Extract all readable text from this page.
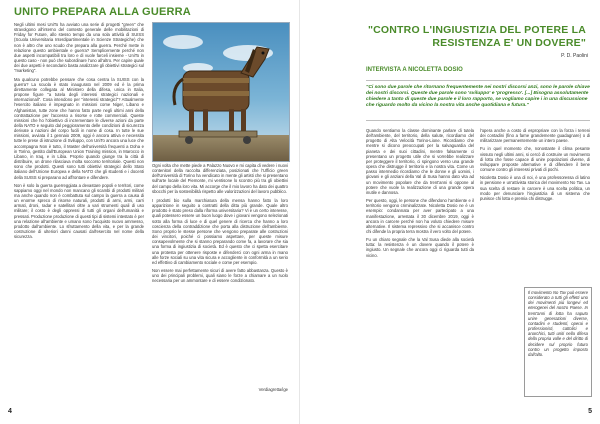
UNITO PREPARA ALLA GUERRA

Negli ultimi mesi UniTo ha avviato una serie di progetti "green" che stravolgono all'interno del contesto generale delle mobilitazioni di Friday for Future, allo stesso tempo da una sola attività di SUISS (Scuola Universitaria Interdipartimentale in Scienze Strategiche) che non è altro che uno scudo che prepara alla guerra. Perché mette in relazione questo ambientale e guerra? Semplicemente perché non due aspetti incompatibili tra loro e di vuole farceli insieme - UniTo in questo caso - non può che subordinare l'uno all'altro. Per capire quale dei due aspetti è secondario basta analizzare gli obiettivi strategici sul "marketing".

Ma qualcuno potrebbe pensare che cosa centra la SUISS con la guerra? La scuola è stato inaugurato nel 2009 ed è la prima direttamente collegata al Ministero della difesa, unica in Italia, propone figure "a tutela degli interessi strategici nazionali e internazionali". Cosa intendono per "interessi strategici"? Attualmente l'esercito italiano è impegnato in missioni come Niger, Libano e Afghanistan, tutte zone che hanno fatto parte negli ultimi anni della contrattazione per l'accesso a risorse e rotte commerciali. Queste missioni che ho l'obiettivo di incrementare le diverse azioni da parte della NATO e seguito dal peggioramento delle condizioni di sicurezza derivate a nazioni del corpo fucili in nome di cosa. In tutte le sue missioni, avviata il 1 gennaio 2009, oggi è ancora attiva e necessita tutte le prese di istruzione di Sviluppo, con UniTo ancora una luce che accompagna Non è tutto, il Master dell'università frequenti a Doha e in Torino, gestito dall'European Union Training mission, in Marocco in Libano, in Iraq, e in Libia. Proprio quando giunge tra la città di distribuire, un drone rilasciava molta soccorso territoriale. Questi non sono che prodotti. Questi sono tutti obiettivi strategici dello Stato italiano dell'Unione Europea e della NATO che gli studenti e i docenti della SUISS si preparano ad affrontare e difendere.

Non è solo la guerra guerreggiata a devastare popoli e territori, come sappiamo oggi nel mondo non mancano gli scambi di prodotti militari ma anche quando non è combattuta sul campo la guerra a causa di un enorme spreco di risorse naturali, prodotti di armi, armi, carri armati, droni, radar e satellitari oltre a vari strumenti quali di uso militare; il costo è degli oppressi di tutti gli organi dell'umanità e pressati. Produzione produzione di questi tipi di sistemi intestato è per una relazione all'ambiente e umano sono l'acquisto nuovo ammesso, prodotto dall'ambiente. Lo sfruttamento della vita, e per la grande costruzione di ulteriori danni causati dall'esercito nel nome della sicurezza.

Ogni volta che mette piede a Palazzo Nuovo e mi capita di vedere i nuovi contenitori della raccolta differenziata, posizionati che l'Ufficio green dell'Università di Torino ha vendicato in mente gli artisti che si presentano sull'arte locale del Piemonte, mi ventisone lo scontro più tra gli obiettivi del campo della loro vita. Mi accorge che il mio lavoro ha dato dei quattro sbocchi per la sostenibilità rispetto alle valorizzazioni del lavoro pubblico.

I prodotti bio sulla marchiatura della mensa hanno fatto la loro apparizione in seguito a contratti della ditta più grande. Quale altro prodotto è stato preso dalla riforma universitaria? Vi è un certo interesse, quali potessero essere un buon luogo dove i giovani vengono selezionati sotto alla forma di luce e di quel genere di ricerca che hanno a loro coscienza della contraddizione che porta alla distruzione dell'ambiente. Sono proprio le stesse persone che vengono preparate alle costruzioni dei vincitori, poiché ci possiamo aspettare, per queste misure consapevolmente che si stanno preparando come fa, a lavorare che sia una forma di ingiustizia di società. Ed è questo che ci spetta esercitare una protesta per ottenere risposte e difenderci con ogni arma in mano alle forze sociali su una vita sicura e accogliente in conformità a un serio ed effettivo di cambiamento sociale e come per esempio.

Non essere mai perfettamente sicuri di avere fatto abbastanza. Questo è uno dei principali problemi, quali siano le forze a chiamare a un ruolo necessaria per un ammontare e di essere condizionato.

Verdiagretta/ige
4
"CONTRO L'INGIUSTIZIA DEL POTERE LA
RESISTENZA E' UN DOVERE"
P. D. Paolini
INTERVISTA A NICOLETTA DOSIO
"Ci sono due parole che ritornano frequentemente nei nostri discorsi anzi, sono le parole chiave dei nostri discorsi. Queste due parole sono 'sviluppo' e 'progresso'. [...] Bisogna assolutamente chiedere a tanto di queste due parole e il loro rapporto, se vogliamo capire i in una discussione che riguardo molto da vicino la nostra vita anche quotidiana e futura."

Quando sentiamo la classe dominante parlare di tutela dell'ambiente, del territorio, della salute, ricordiamo del progetto di Alta Velocità Torino-Lione. Ricordiamo che mentre si dicono preoccupati per la salvaguardia del pianeta e dei suoi cittadini, mentre falsamente ci presentano un progetto utile che si vorrebbe realizzare per proteggere il territorio, ci spingono verso una grande opera che distrugge il territorio e la nostra vita. Come un passo intermedio ricordiamo che le donne e gli uomini, i giovani e gli anziani della Val di Susa hanno dato vita ad un movimento popolare che da trent'anni si oppone al potere che vuole la realizzazione di una grande opera inutile e dannosa.

Per questo, oggi, le persone che difendono l'ambiente e il territorio vengono criminalizzate. Nicoletta Dosio ne è un esempio: condannata per aver partecipato a una manifestazione, arrestata il 30 dicembre 2019, oggi è ancora in carcere perché non ha voluto chiedere misure alternative. Il sistema repressivo che si accanisce contro chi difende la propria terra mostra il vero volto del potere.

Fu un chiaro segnale che la Val Susa diede alla società tutta: la resistenza è un dovere quando il potere è ingiusto. Un segnale che ancora oggi ci riguarda tutti da vicino.

l'opera anche a costo di espropriare con la forza i terreni dei contadini (fino a farne grandemente guadagnare) o di militarizzare permanentemente un intero paese.

Fu in quel momento che, nonostante il clima pesante vissuto negli ultimi anni, si cercò di costruire un movimento di lotta che fosse capace di unire popolazioni diverse, di sviluppare proposte alternative e di difendere il bene comune contro gli interessi privati di pochi.

Nicoletta Dosio è una di noi, è una professoressa di latino in pensione e un'attivista storica del movimento No Tav. La sua scelta di restare in carcere è una scelta politica, un modo per denunciare l'ingiustizia di un sistema che punisce chi lotta e premia chi distrugge.

Il movimento No Tav può essere considerato a tutti gli effetti uno dei movimenti più longevi ed eterogenei del nostro Paese. In trent'anni di lotta ha saputo unire generazioni diverse, contadini e studenti, operai e professionisti, cattolici e anarchici, tutti uniti nella difesa della propria valle e del diritto di decidere sul proprio futuro contro un progetto imposto dall'alto.
5
